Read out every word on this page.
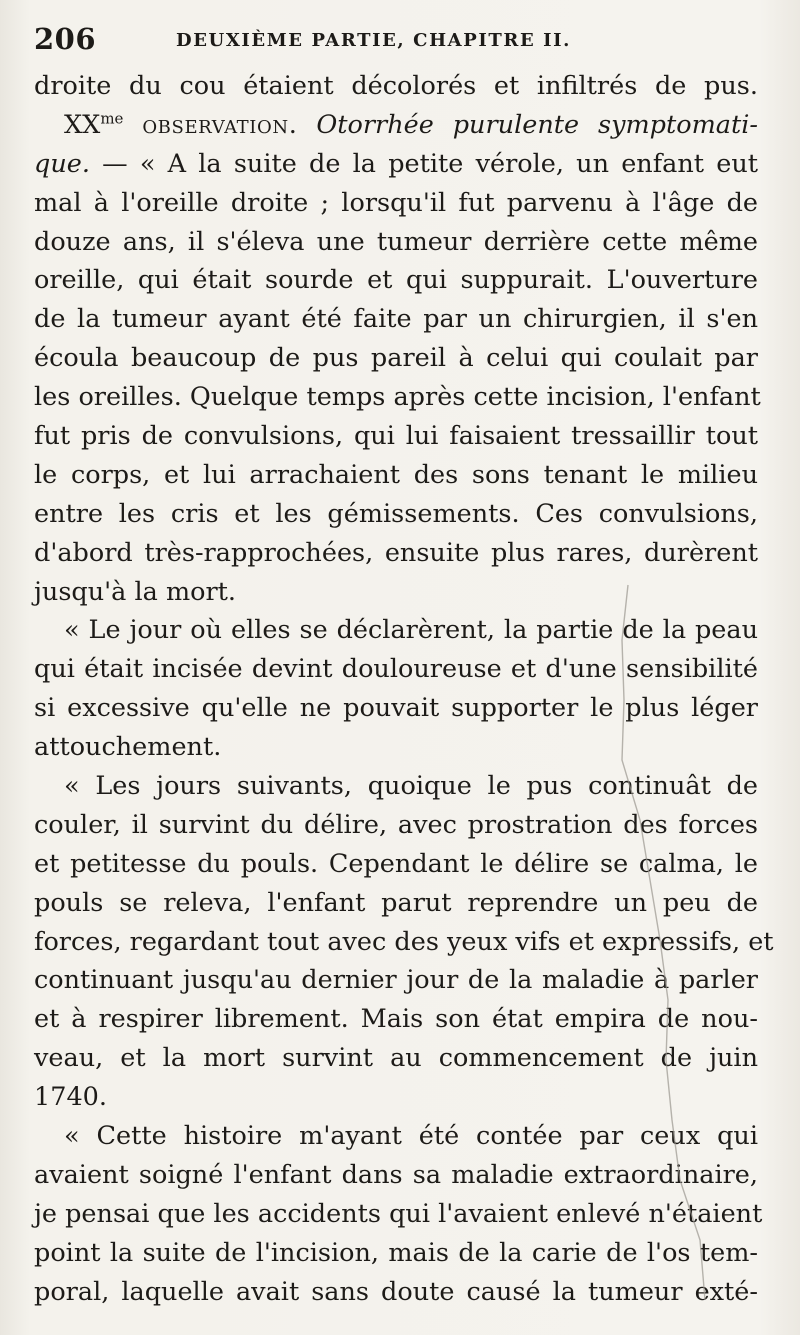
206	DEUXIÈME PARTIE, CHAPITRE II.
droite du cou étaient décolorés et infiltrés de pus.
$XX^{me}$ observation. Otorrhée purulente symptomati-
que. — « A la suite de la petite vérole, un enfant eut
mal à l'oreille droite ; lorsqu'il fut parvenu à l'âge de
douze ans, il s'éleva une tumeur derrière cette même
oreille, qui était sourde et qui suppurait. L'ouverture
de la tumeur ayant été faite par un chirurgien, il s'en
écoula beaucoup de pus pareil à celui qui coulait par
les oreilles. Quelque temps après cette incision, l'enfant
fut pris de convulsions, qui lui faisaient tressaillir tout
le corps, et lui arrachaient des sons tenant le milieu
entre les cris et les gémissements. Ces convulsions,
d'abord très-rapprochées, ensuite plus rares, durèrent
jusqu'à la mort.
« Le jour où elles se déclarèrent, la partie de la peau
qui était incisée devint douloureuse et d'une sensibilité
si excessive qu'elle ne pouvait supporter le plus léger
attouchement.
« Les jours suivants, quoique le pus continuât de
couler, il survint du délire, avec prostration des forces
et petitesse du pouls. Cependant le délire se calma, le
pouls se releva, l'enfant parut reprendre un peu de
forces, regardant tout avec des yeux vifs et expressifs, et
continuant jusqu'au dernier jour de la maladie à parler
et à respirer librement. Mais son état empira de nou-
veau, et la mort survint au commencement de juin
1740.
« Cette histoire m'ayant été contée par ceux qui
avaient soigné l'enfant dans sa maladie extraordinaire,
je pensai que les accidents qui l'avaient enlevé n'étaient
point la suite de l'incision, mais de la carie de l'os tem-
poral, laquelle avait sans doute causé la tumeur exté-
